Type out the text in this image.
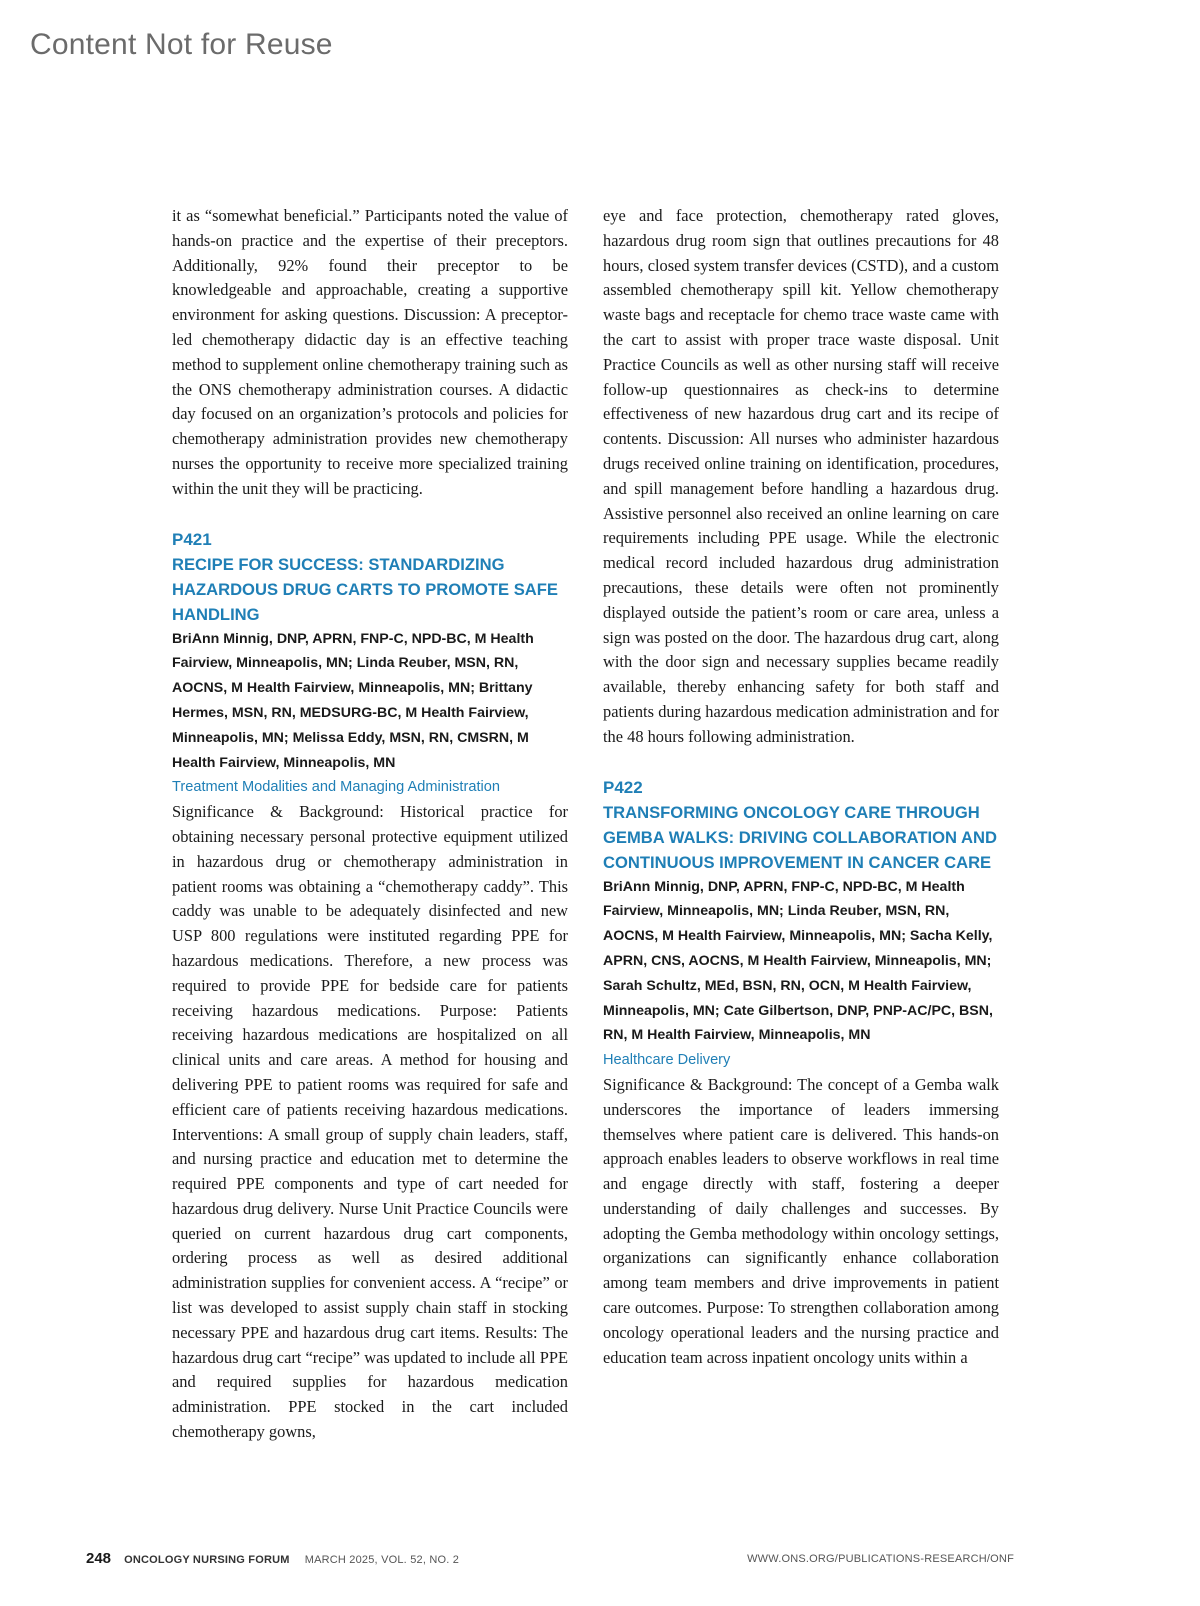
Content Not for Reuse

it as “somewhat beneficial.” Participants noted the value of hands-on practice and the expertise of their preceptors. Additionally, 92% found their preceptor to be knowledgeable and approachable, creating a supportive environment for asking questions. Discussion: A preceptor-led chemotherapy didactic day is an effective teaching method to supplement online chemotherapy training such as the ONS chemotherapy administration courses. A didactic day focused on an organization’s protocols and policies for chemotherapy administration provides new chemotherapy nurses the opportunity to receive more specialized training within the unit they will be practicing.

P421

RECIPE FOR SUCCESS: STANDARDIZING HAZARDOUS DRUG CARTS TO PROMOTE SAFE HANDLING

BriAnn Minnig, DNP, APRN, FNP-C, NPD-BC, M Health Fairview, Minneapolis, MN; Linda Reuber, MSN, RN, AOCNS, M Health Fairview, Minneapolis, MN; Brittany Hermes, MSN, RN, MEDSURG-BC, M Health Fairview, Minneapolis, MN; Melissa Eddy, MSN, RN, CMSRN, M Health Fairview, Minneapolis, MN

Treatment Modalities and Managing Administration

Significance & Background: Historical practice for obtaining necessary personal protective equipment utilized in hazardous drug or chemotherapy administration in patient rooms was obtaining a “chemotherapy caddy”. This caddy was unable to be adequately disinfected and new USP 800 regulations were instituted regarding PPE for hazardous medications. Therefore, a new process was required to provide PPE for bedside care for patients receiving hazardous medications. Purpose: Patients receiving hazardous medications are hospitalized on all clinical units and care areas. A method for housing and delivering PPE to patient rooms was required for safe and efficient care of patients receiving hazardous medications. Interventions: A small group of supply chain leaders, staff, and nursing practice and education met to determine the required PPE components and type of cart needed for hazardous drug delivery. Nurse Unit Practice Councils were queried on current hazardous drug cart components, ordering process as well as desired additional administration supplies for convenient access. A “recipe” or list was developed to assist supply chain staff in stocking necessary PPE and hazardous drug cart items. Results: The hazardous drug cart “recipe” was updated to include all PPE and required supplies for hazardous medication administration. PPE stocked in the cart included chemotherapy gowns,

eye and face protection, chemotherapy rated gloves, hazardous drug room sign that outlines precautions for 48 hours, closed system transfer devices (CSTD), and a custom assembled chemotherapy spill kit. Yellow chemotherapy waste bags and receptacle for chemo trace waste came with the cart to assist with proper trace waste disposal. Unit Practice Councils as well as other nursing staff will receive follow-up questionnaires as check-ins to determine effectiveness of new hazardous drug cart and its recipe of contents. Discussion: All nurses who administer hazardous drugs received online training on identification, procedures, and spill management before handling a hazardous drug. Assistive personnel also received an online learning on care requirements including PPE usage. While the electronic medical record included hazardous drug administration precautions, these details were often not prominently displayed outside the patient’s room or care area, unless a sign was posted on the door. The hazardous drug cart, along with the door sign and necessary supplies became readily available, thereby enhancing safety for both staff and patients during hazardous medication administration and for the 48 hours following administration.

P422

TRANSFORMING ONCOLOGY CARE THROUGH GEMBA WALKS: DRIVING COLLABORATION AND CONTINUOUS IMPROVEMENT IN CANCER CARE

BriAnn Minnig, DNP, APRN, FNP-C, NPD-BC, M Health Fairview, Minneapolis, MN; Linda Reuber, MSN, RN, AOCNS, M Health Fairview, Minneapolis, MN; Sacha Kelly, APRN, CNS, AOCNS, M Health Fairview, Minneapolis, MN; Sarah Schultz, MEd, BSN, RN, OCN, M Health Fairview, Minneapolis, MN; Cate Gilbertson, DNP, PNP-AC/PC, BSN, RN, M Health Fairview, Minneapolis, MN

Healthcare Delivery

Significance & Background: The concept of a Gemba walk underscores the importance of leaders immersing themselves where patient care is delivered. This hands-on approach enables leaders to observe workflows in real time and engage directly with staff, fostering a deeper understanding of daily challenges and successes. By adopting the Gemba methodology within oncology settings, organizations can significantly enhance collaboration among team members and drive improvements in patient care outcomes. Purpose: To strengthen collaboration among oncology operational leaders and the nursing practice and education team across inpatient oncology units within a

248 ONCOLOGY NURSING FORUM MARCH 2025, VOL. 52, NO. 2	WWW.ONS.ORG/PUBLICATIONS-RESEARCH/ONF
